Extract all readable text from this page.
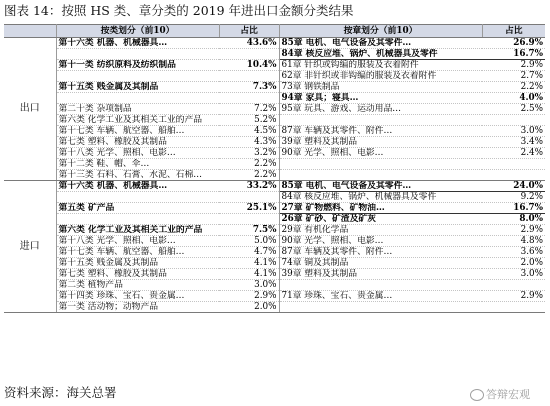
图表 14：按照 HS 类、章分类的 2019 年进出口金额分类结果
	按类划分（前10）	占比	按章划分（前10）	占比
出口	第十六类 机器、机械器具…	43.6%	85章 电机、电气设备及其零件…	26.9%
			84章 核反应堆、锅炉、机械器具及零件	16.7%
	第十一类 纺织原料及纺织制品	10.4%	61章 针织或钩编的服装及衣着附件	2.9%
			62章 非针织或非钩编的服装及衣着附件	2.7%
	第十五类 贱金属及其制品	7.3%	73章 钢铁制品	2.2%
			94章 家具；寝具…	4.0%
	第二十类 杂项制品	7.2%	95章 玩具、游戏、运动用品…	2.5%
	第六类 化学工业及其相关工业的产品	5.2%		
	第十七类 车辆、航空器、船舶…	4.5%	87章 车辆及其零件、附件…	3.0%
	第七类 塑料、橡胶及其制品	4.3%	39章 塑料及其制品	3.4%
	第十八类 光学、照相、电影…	3.2%	90章 光学、照相、电影…	2.4%
	第十二类 鞋、帽、伞…	2.2%		
	第十三类 石料、石膏、水泥、石棉…	2.2%		
进口	第十六类 机器、机械器具…	33.2%	85章 电机、电气设备及其零件…	24.0%
			84章 核反应堆、锅炉、机械器具及零件	9.2%
	第五类 矿产品	25.1%	27章 矿物燃料、矿物油…	16.7%
			26章 矿砂、矿渣及矿灰	8.0%
	第六类 化学工业及其相关工业的产品	7.5%	29章 有机化学品	2.9%
	第十八类 光学、照相、电影…	5.0%	90章 光学、照相、电影…	4.8%
	第十七类 车辆、航空器、船舶…	4.7%	87章 车辆及其零件、附件…	3.6%
	第十五类 贱金属及其制品	4.1%	74章 铜及其制品	2.0%
	第七类 塑料、橡胶及其制品	4.1%	39章 塑料及其制品	3.0%
	第二类 植物产品	3.0%		
	第十四类 珍珠、宝石、贵金属…	2.9%	71章 珍珠、宝石、贵金属…	2.9%
	第一类 活动物；动物产品	2.0%		
资料来源：海关总署	答辩宏观
